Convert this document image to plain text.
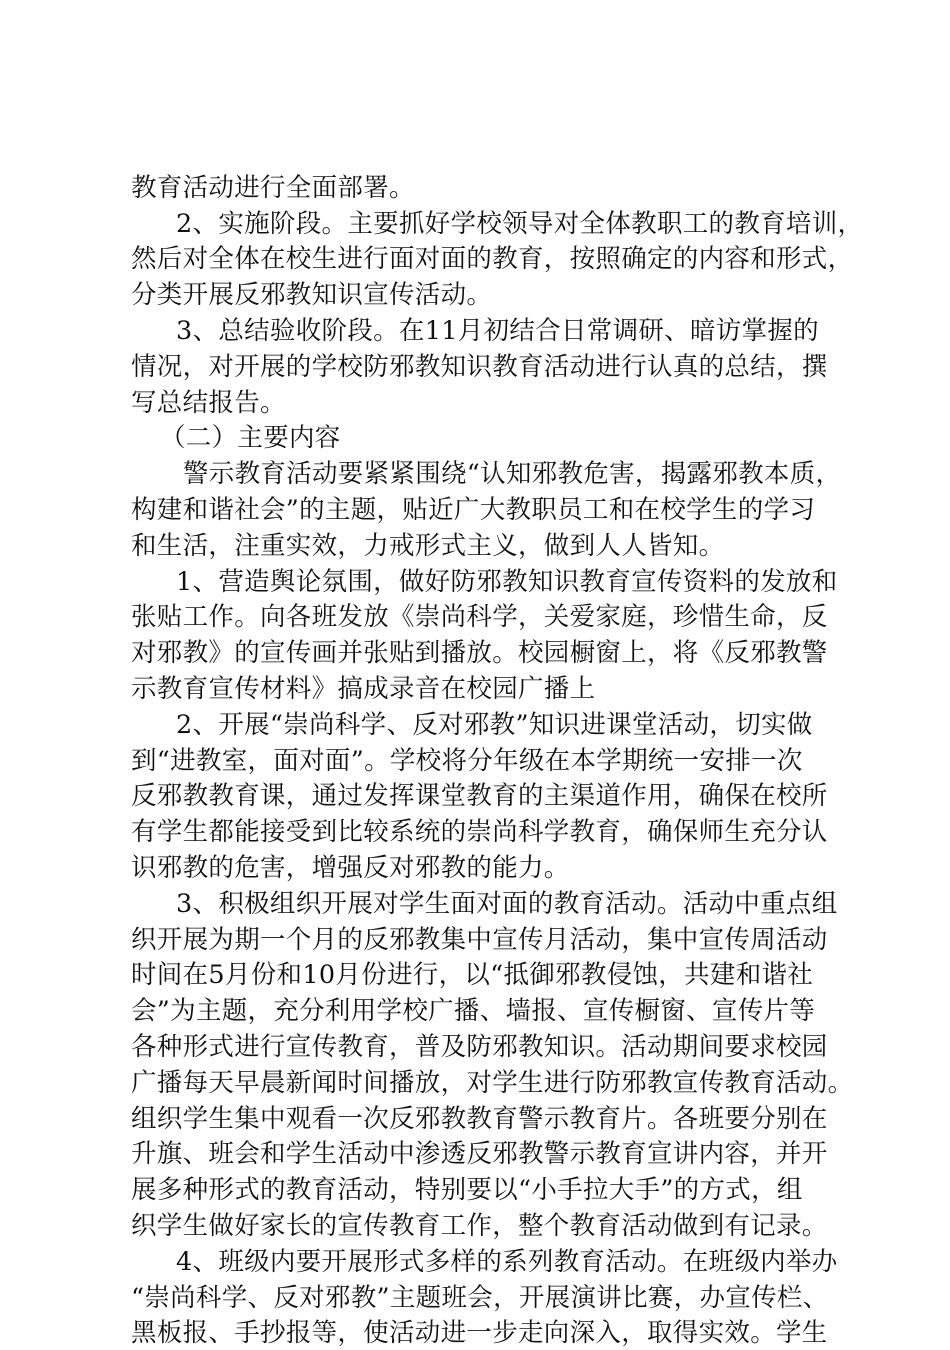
教育活动进行全面部署。
2、实施阶段。主要抓好学校领导对全体教职工的教育培训，
然后对全体在校生进行面对面的教育，按照确定的内容和形式，
分类开展反邪教知识宣传活动。
3、总结验收阶段。在11月初结合日常调研、暗访掌握的
情况，对开展的学校防邪教知识教育活动进行认真的总结，撰
写总结报告。
（二）主要内容
警示教育活动要紧紧围绕“认知邪教危害，揭露邪教本质，
构建和谐社会”的主题，贴近广大教职员工和在校学生的学习
和生活，注重实效，力戒形式主义，做到人人皆知。
1、营造舆论氛围，做好防邪教知识教育宣传资料的发放和
张贴工作。向各班发放《崇尚科学，关爱家庭，珍惜生命，反
对邪教》的宣传画并张贴到播放。校园橱窗上，将《反邪教警
示教育宣传材料》搞成录音在校园广播上
2、开展“崇尚科学、反对邪教”知识进课堂活动，切实做
到“进教室，面对面”。学校将分年级在本学期统一安排一次
反邪教教育课，通过发挥课堂教育的主渠道作用，确保在校所
有学生都能接受到比较系统的崇尚科学教育，确保师生充分认
识邪教的危害，增强反对邪教的能力。
3、积极组织开展对学生面对面的教育活动。活动中重点组
织开展为期一个月的反邪教集中宣传月活动，集中宣传周活动
时间在5月份和10月份进行，以“抵御邪教侵蚀，共建和谐社
会”为主题，充分利用学校广播、墙报、宣传橱窗、宣传片等
各种形式进行宣传教育，普及防邪教知识。活动期间要求校园
广播每天早晨新闻时间播放，对学生进行防邪教宣传教育活动。
组织学生集中观看一次反邪教教育警示教育片。各班要分别在
升旗、班会和学生活动中渗透反邪教警示教育宣讲内容，并开
展多种形式的教育活动，特别要以“小手拉大手”的方式，组
织学生做好家长的宣传教育工作，整个教育活动做到有记录。
4、班级内要开展形式多样的系列教育活动。在班级内举办
“崇尚科学、反对邪教”主题班会，开展演讲比赛，办宣传栏、
黑板报、手抄报等，使活动进一步走向深入，取得实效。学生
